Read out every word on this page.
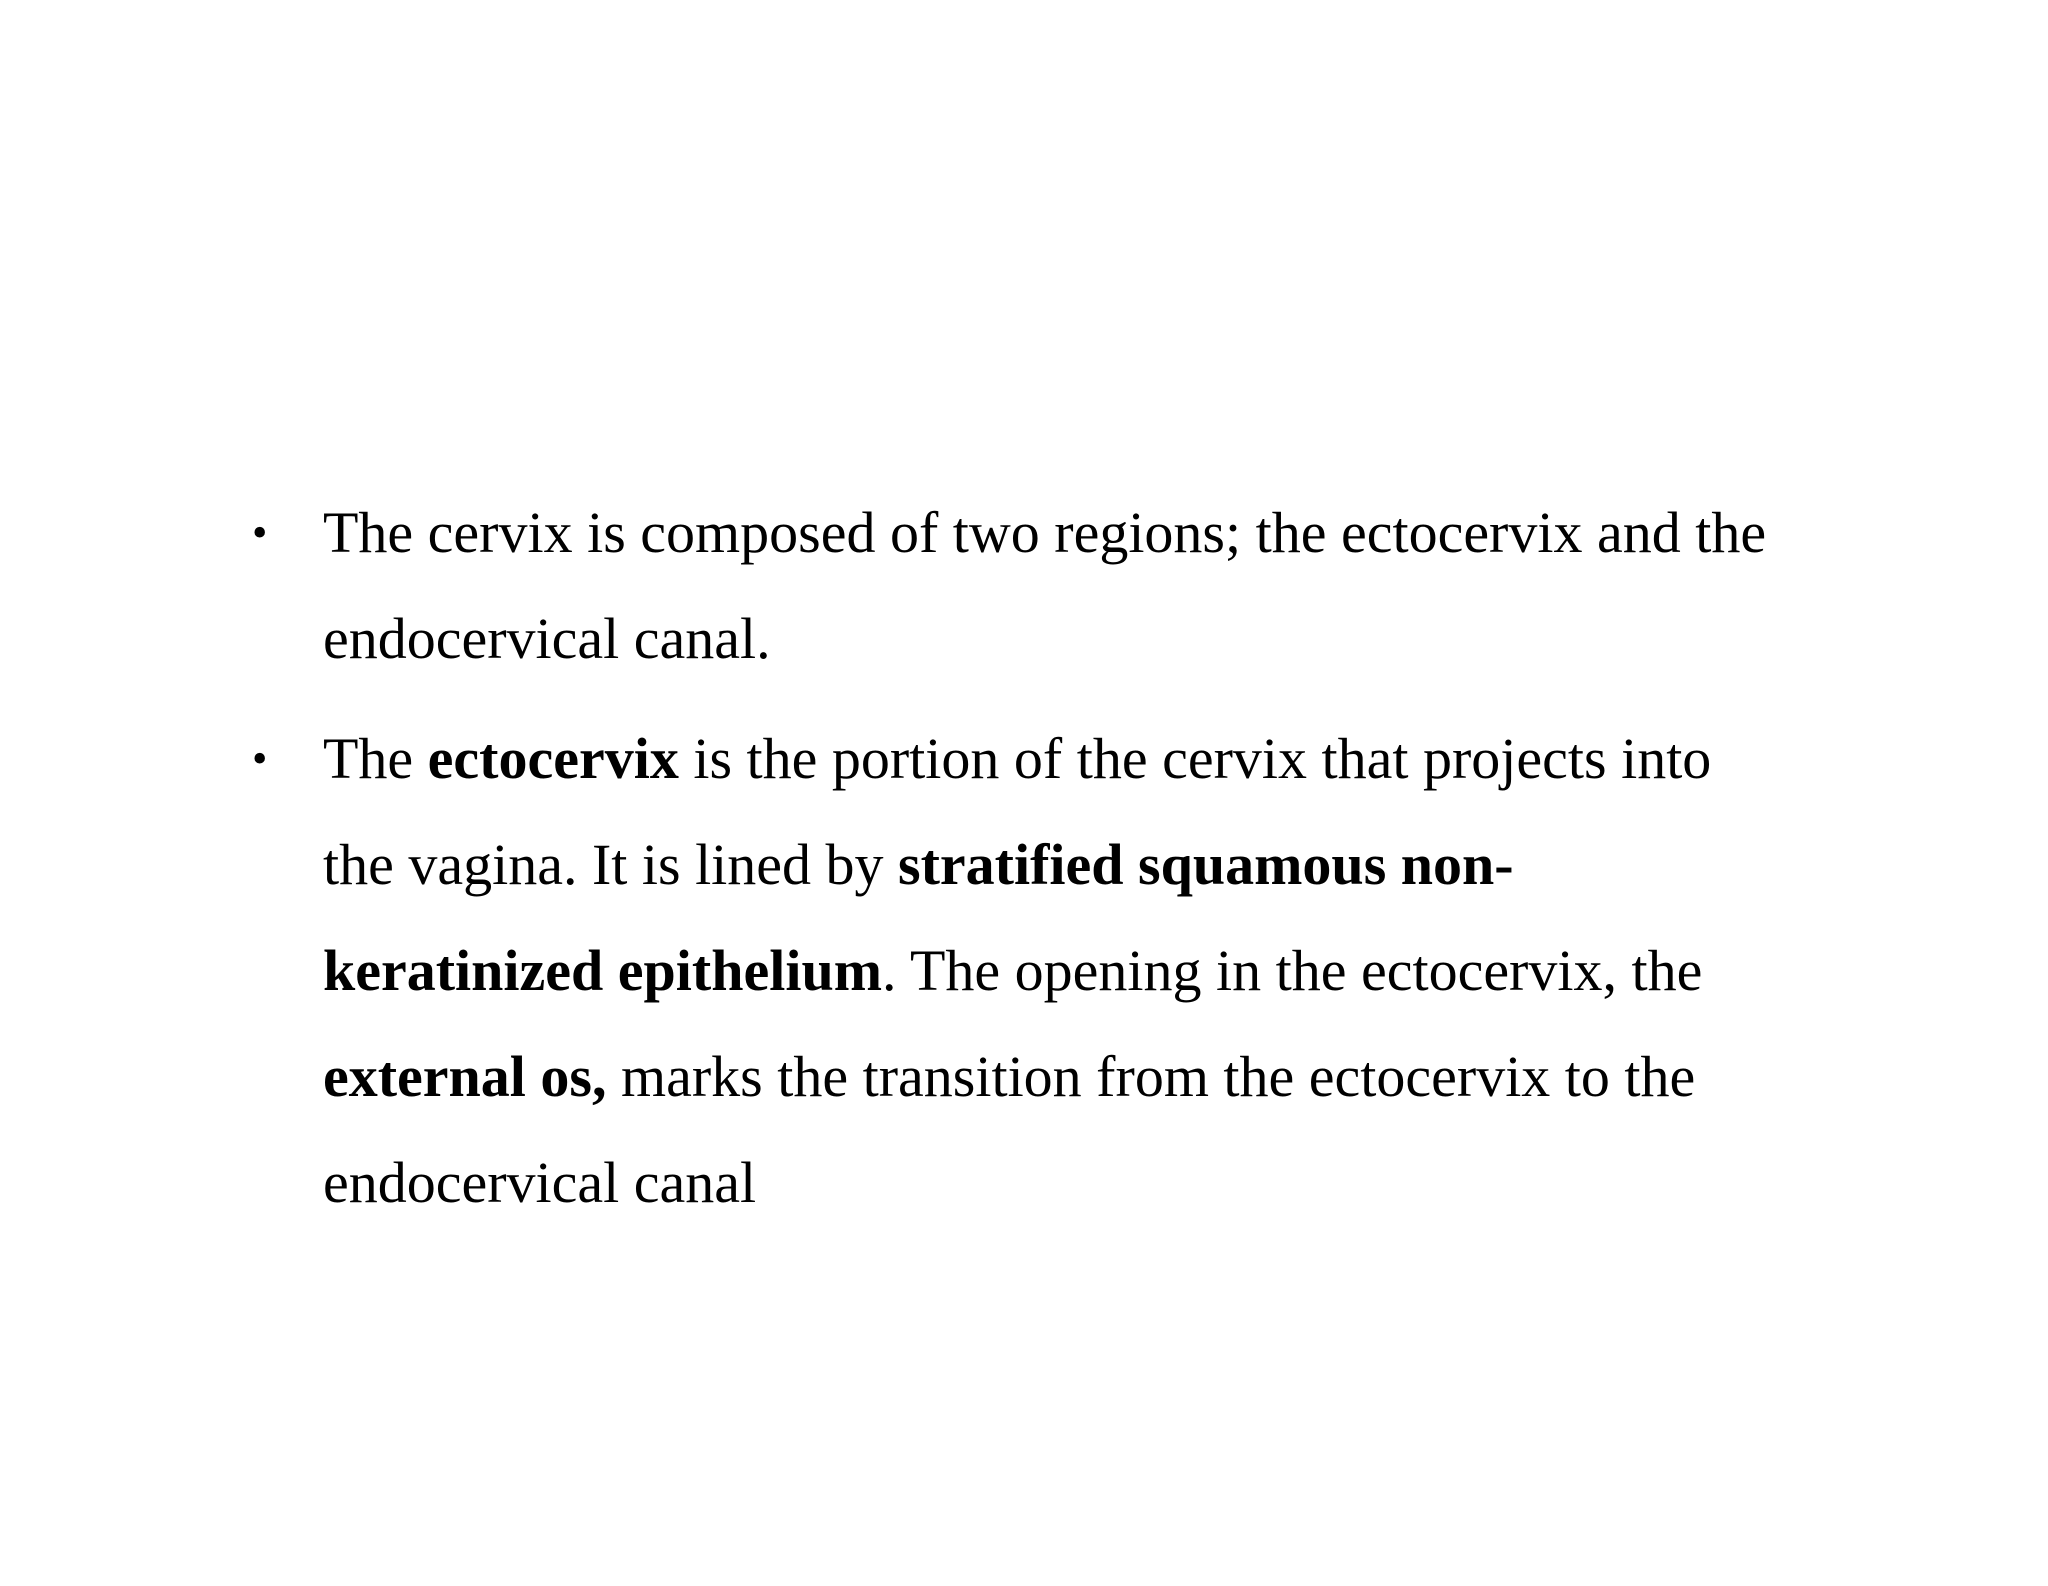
• The cervix is composed of two regions; the ectocervix and the
endocervical canal.
• The ectocervix is the portion of the cervix that projects into
the vagina. It is lined by stratified squamous non-
keratinized epithelium. The opening in the ectocervix, the
external os, marks the transition from the ectocervix to the
endocervical canal
